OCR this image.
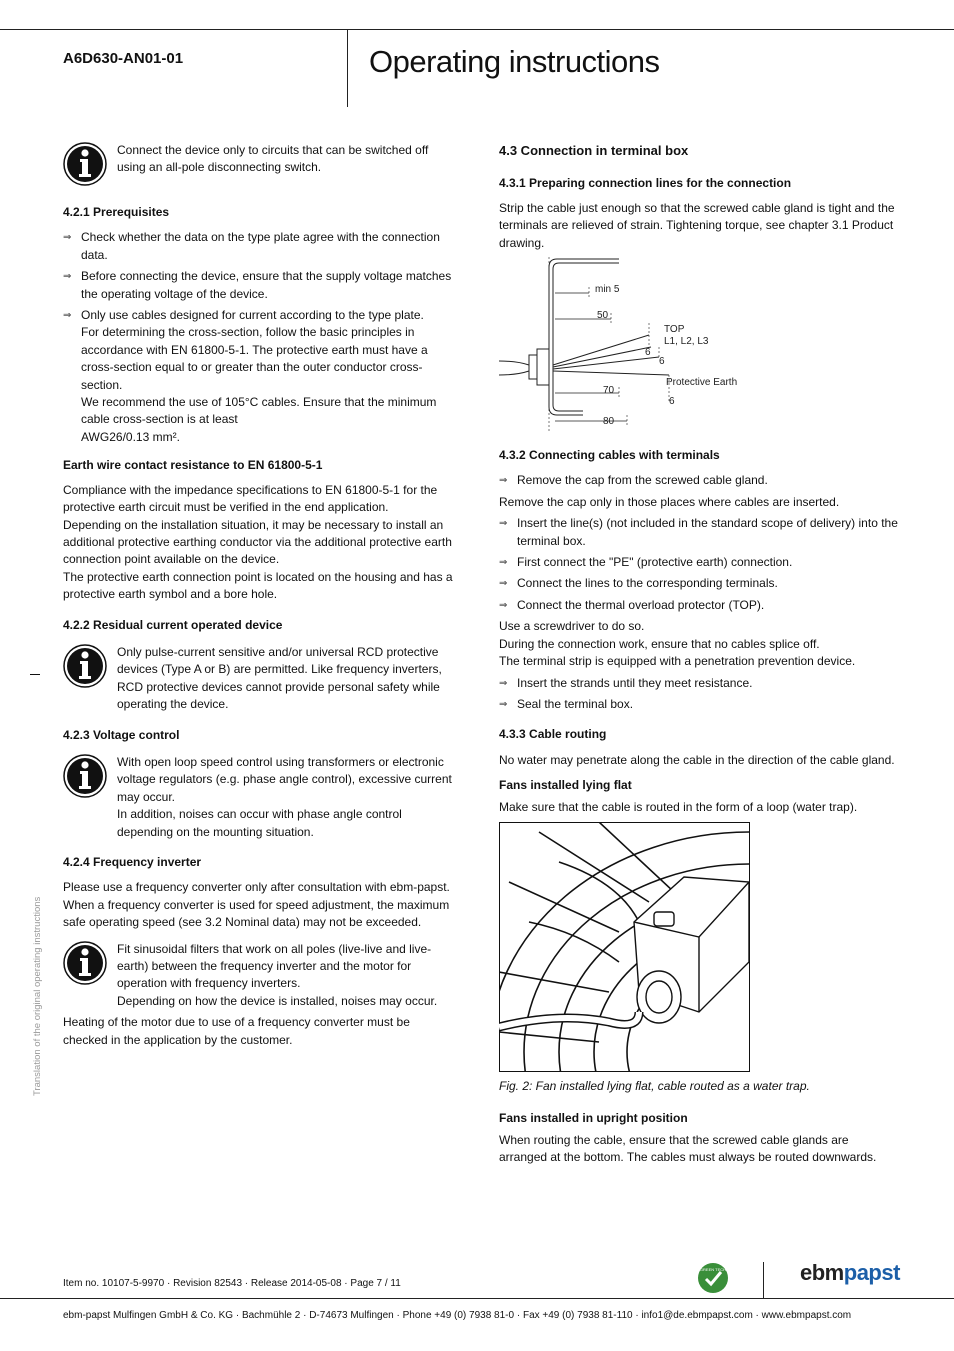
A6D630-AN01-01	Operating instructions

Connect the device only to circuits that can be switched off using an all-pole disconnecting switch.

4.2.1 Prerequisites

⇒ Check whether the data on the type plate agree with the connection data.

⇒ Before connecting the device, ensure that the supply voltage matches the operating voltage of the device.

⇒ Only use cables designed for current according to the type plate.

For determining the cross-section, follow the basic principles in accordance with EN 61800-5-1. The protective earth must have a cross-section equal to or greater than the outer conductor cross-section.

We recommend the use of 105°C cables. Ensure that the minimum cable cross-section is at least

AWG26/0.13 mm².

Earth wire contact resistance to EN 61800-5-1

Compliance with the impedance specifications to EN 61800-5-1 for the protective earth circuit must be verified in the end application.

Depending on the installation situation, it may be necessary to install an additional protective earthing conductor via the additional protective earth connection point available on the device.

The protective earth connection point is located on the housing and has a protective earth symbol and a bore hole.

4.2.2 Residual current operated device

Only pulse-current sensitive and/or universal RCD protective devices (Type A or B) are permitted. Like frequency inverters, RCD protective devices cannot provide personal safety while operating the device.

4.2.3 Voltage control

With open loop speed control using transformers or electronic voltage regulators (e.g. phase angle control), excessive current may occur.

In addition, noises can occur with phase angle control depending on the mounting situation.

4.2.4 Frequency inverter

Please use a frequency converter only after consultation with ebm-papst.

When a frequency converter is used for speed adjustment, the maximum safe operating speed (see 3.2 Nominal data) may not be exceeded.

Fit sinusoidal filters that work on all poles (live-live and live-earth) between the frequency inverter and the motor for operation with frequency inverters.

Depending on how the device is installed, noises may occur.

Heating of the motor due to use of a frequency converter must be checked in the application by the customer.

4.3 Connection in terminal box

4.3.1 Preparing connection lines for the connection

Strip the cable just enough so that the screwed cable gland is tight and the terminals are relieved of strain. Tightening torque, see chapter 3.1 Product drawing.

min 5
50
TOP
L1, L2, L3
6
6
70
Protective Earth
6
80

4.3.2 Connecting cables with terminals

⇒ Remove the cap from the screwed cable gland.

Remove the cap only in those places where cables are inserted.

⇒ Insert the line(s) (not included in the standard scope of delivery) into the terminal box.

⇒ First connect the "PE" (protective earth) connection.

⇒ Connect the lines to the corresponding terminals.

⇒ Connect the thermal overload protector (TOP).

Use a screwdriver to do so.

During the connection work, ensure that no cables splice off.

The terminal strip is equipped with a penetration prevention device.

⇒ Insert the strands until they meet resistance.

⇒ Seal the terminal box.

4.3.3 Cable routing

No water may penetrate along the cable in the direction of the cable gland.

Fans installed lying flat

Make sure that the cable is routed in the form of a loop (water trap).

Fig. 2: Fan installed lying flat, cable routed as a water trap.

Fans installed in upright position

When routing the cable, ensure that the screwed cable glands are arranged at the bottom. The cables must always be routed downwards.

Translation of the original operating instructions
Item no. 10107-5-9970 · Revision 82543 · Release 2014-05-08 · Page 7 / 11
GREEN TECH	ebmpapst
ebm-papst Mulfingen GmbH & Co. KG · Bachmühle 2 · D-74673 Mulfingen · Phone +49 (0) 7938 81-0 · Fax +49 (0) 7938 81-110 · info1@de.ebmpapst.com · www.ebmpapst.com
